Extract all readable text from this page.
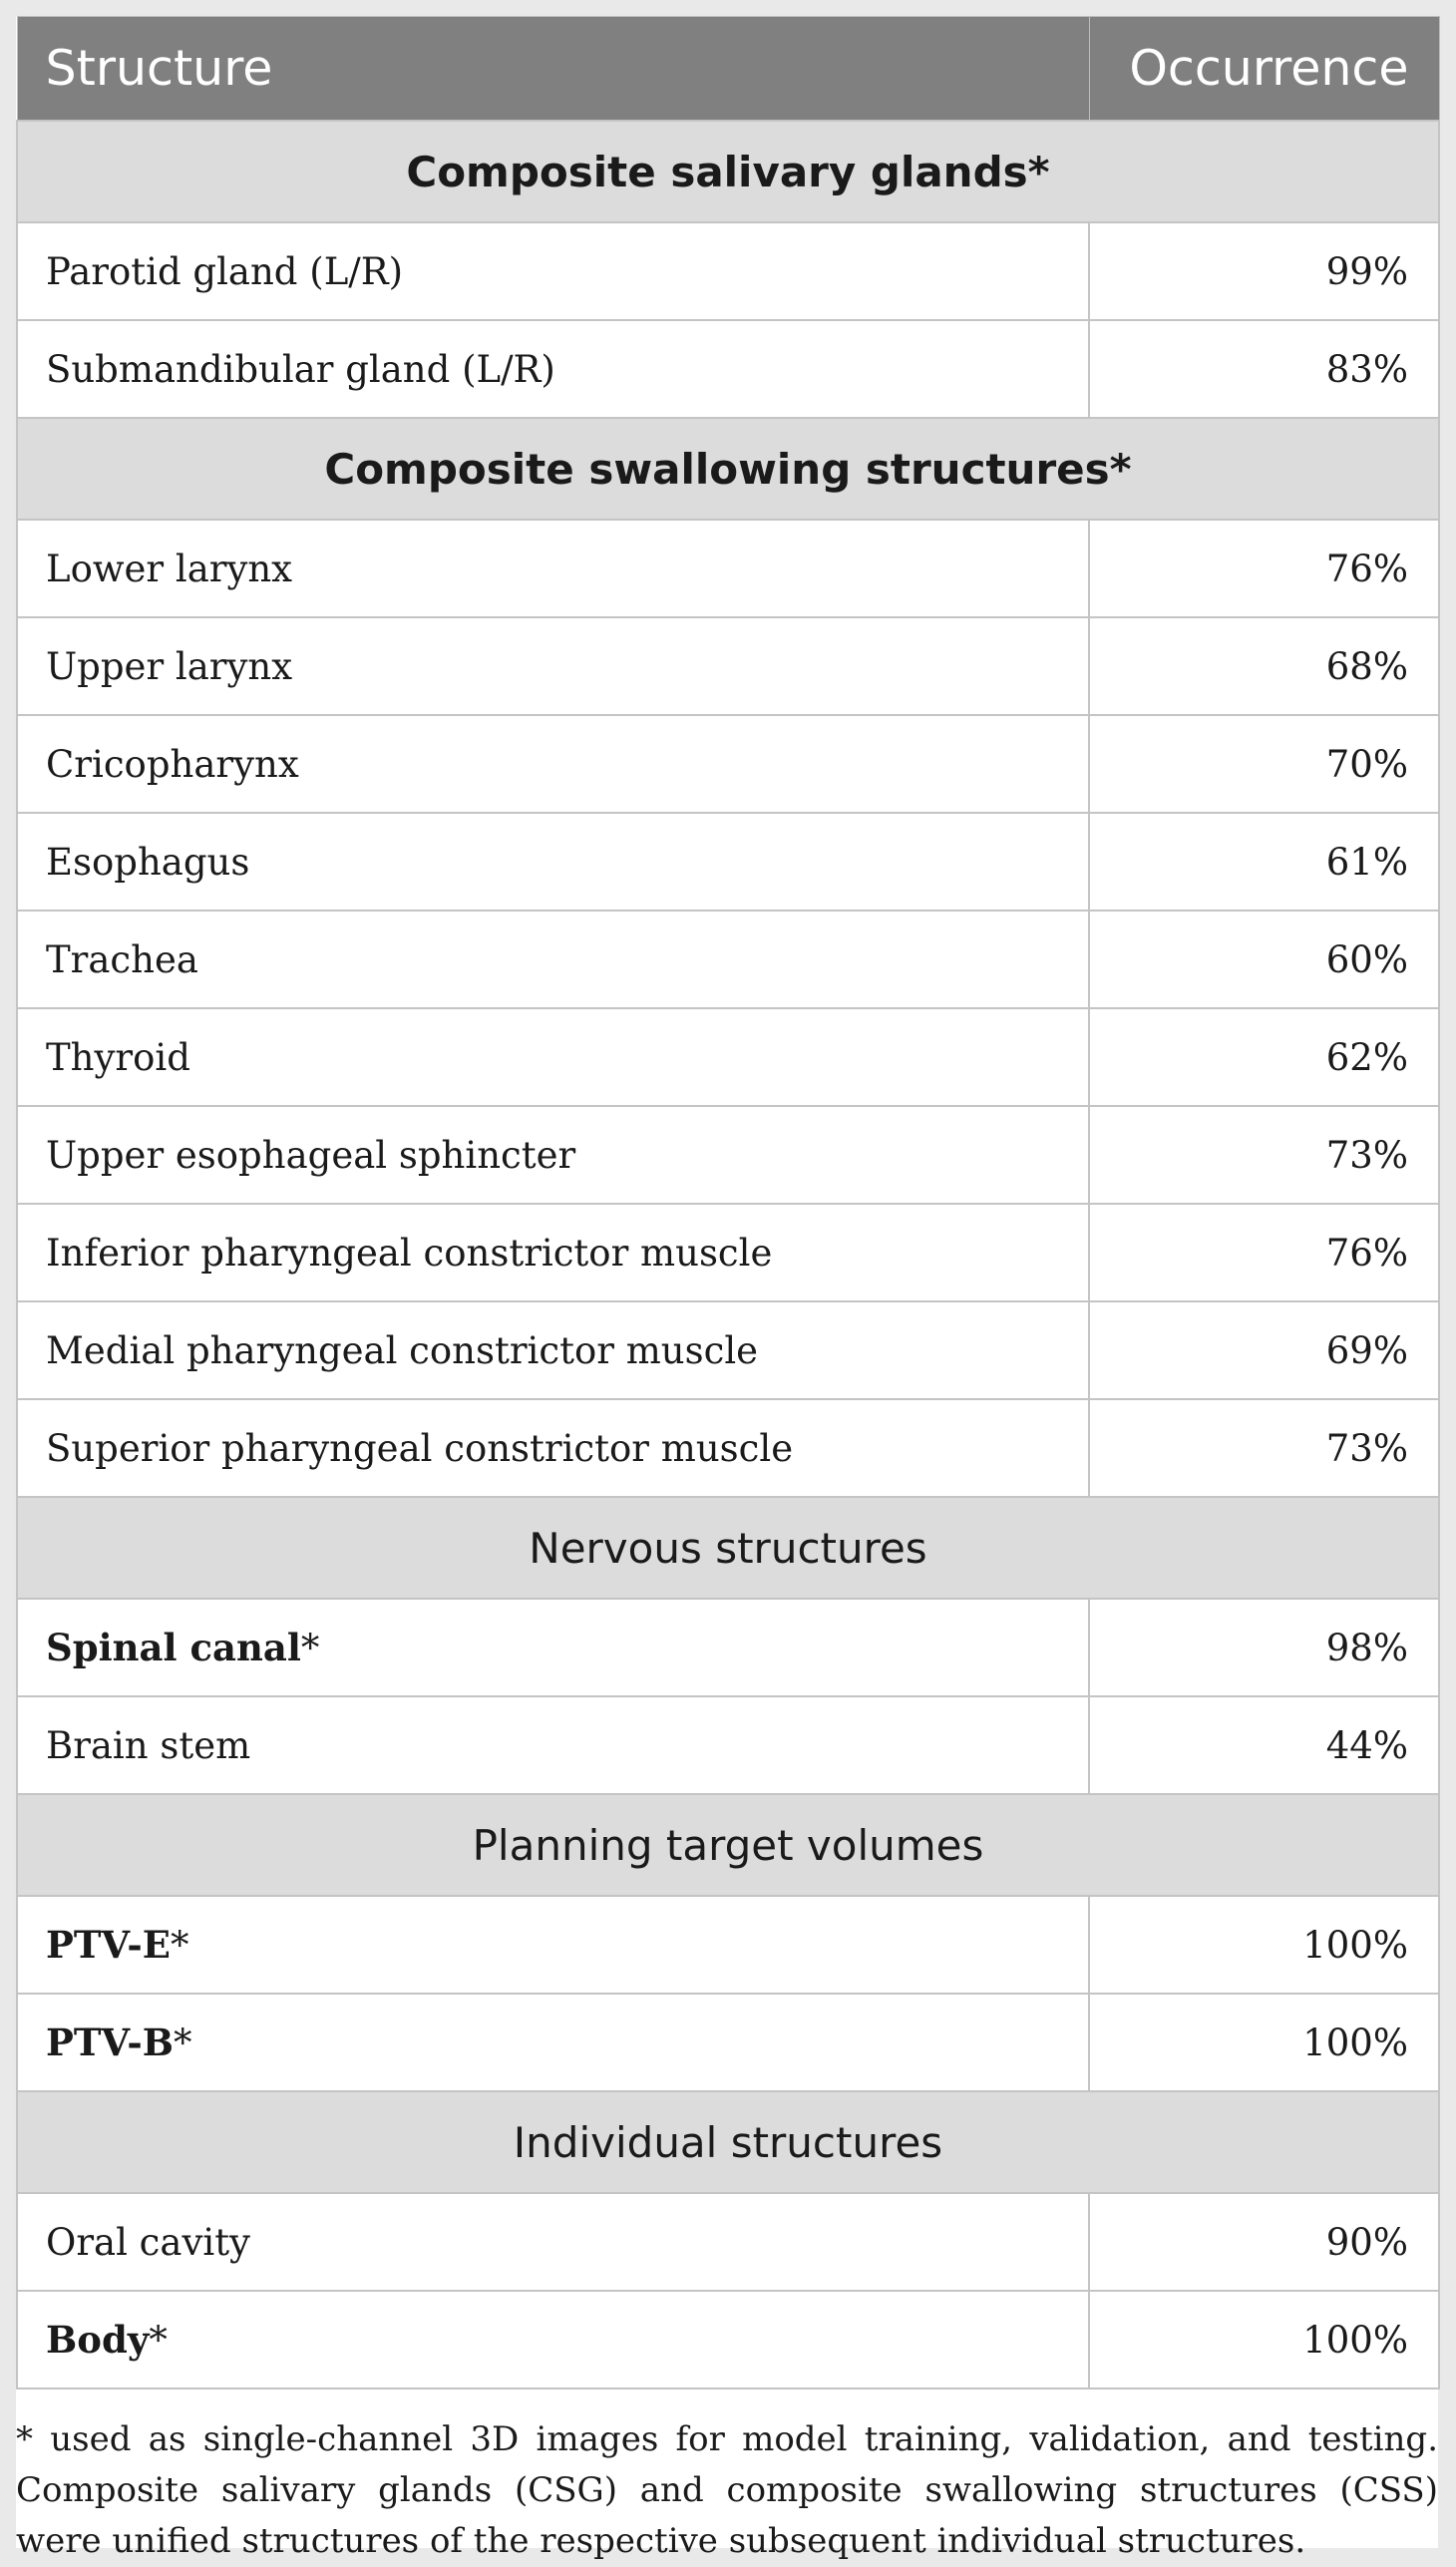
Structure	Occurrence
Composite salivary glands*	
Parotid gland (L/R)	99%
Submandibular gland (L/R)	83%
Composite swallowing structures*	
Lower larynx	76%
Upper larynx	68%
Cricopharynx	70%
Esophagus	61%
Trachea	60%
Thyroid	62%
Upper esophageal sphincter	73%
Inferior pharyngeal constrictor muscle	76%
Medial pharyngeal constrictor muscle	69%
Superior pharyngeal constrictor muscle	73%
Nervous structures	
Spinal canal*	98%
Brain stem	44%
Planning target volumes	
PTV-E*	100%
PTV-B*	100%
Individual structures	
Oral cavity	90%
Body*	100%
* used as single-channel 3D images for model training, validation, and testing. Composite salivary glands (CSG) and composite swallowing structures (CSS) were unified structures of the respective subsequent individual structures.
